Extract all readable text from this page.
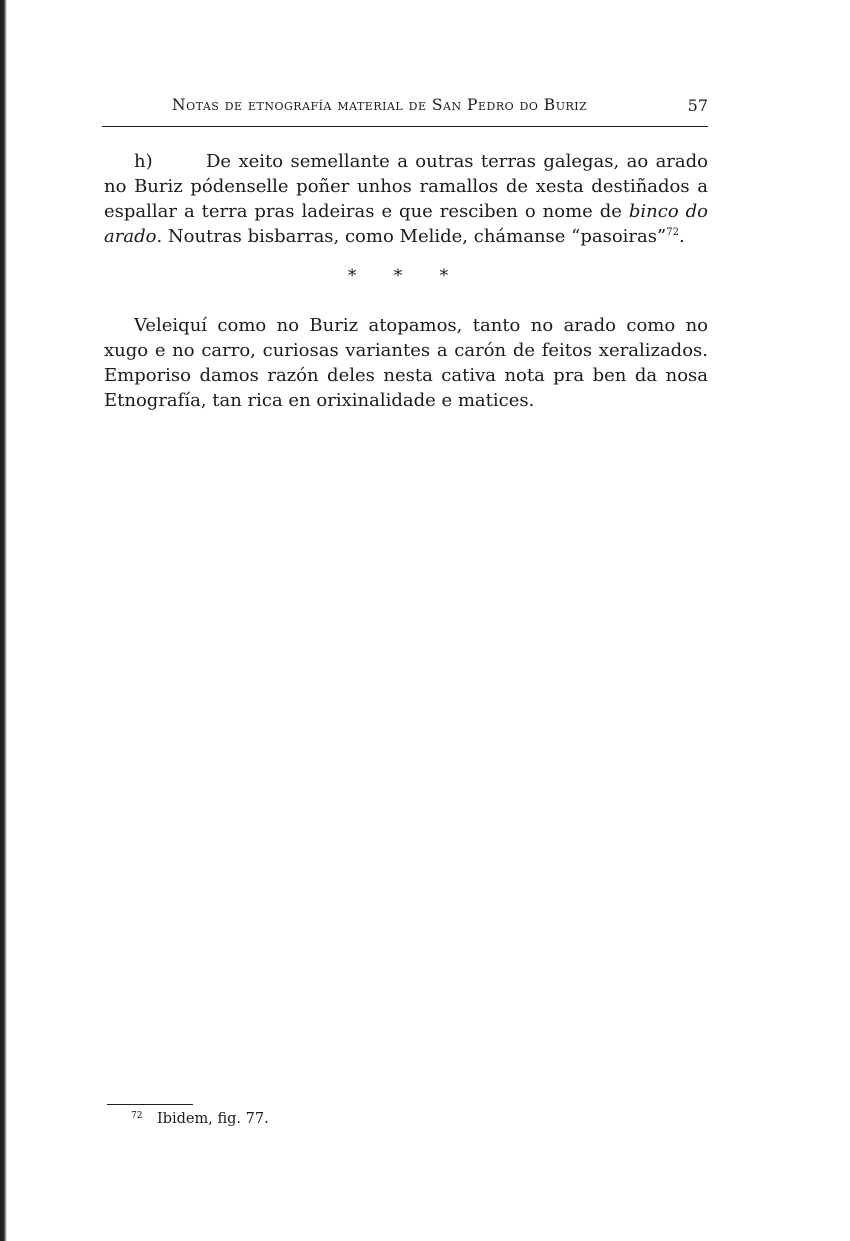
Notas de etnografía material de San Pedro do Buriz	57

h)	De xeito semellante a outras terras galegas, ao arado no Buriz pódenselle poñer unhos ramallos de xesta destiñados a espallar a terra pras ladeiras e que resciben o nome de binco do arado. Noutras bisbarras, como Melide, chámanse “pasoiras”$^{72}$.

* * *

Veleiquí como no Buriz atopamos, tanto no arado como no xugo e no carro, curiosas variantes a carón de feitos xeralizados. Emporiso damos razón deles nesta cativa nota pra ben da nosa Etnografía, tan rica en orixinalidade e matices.

72 Ibidem, fig. 77.
